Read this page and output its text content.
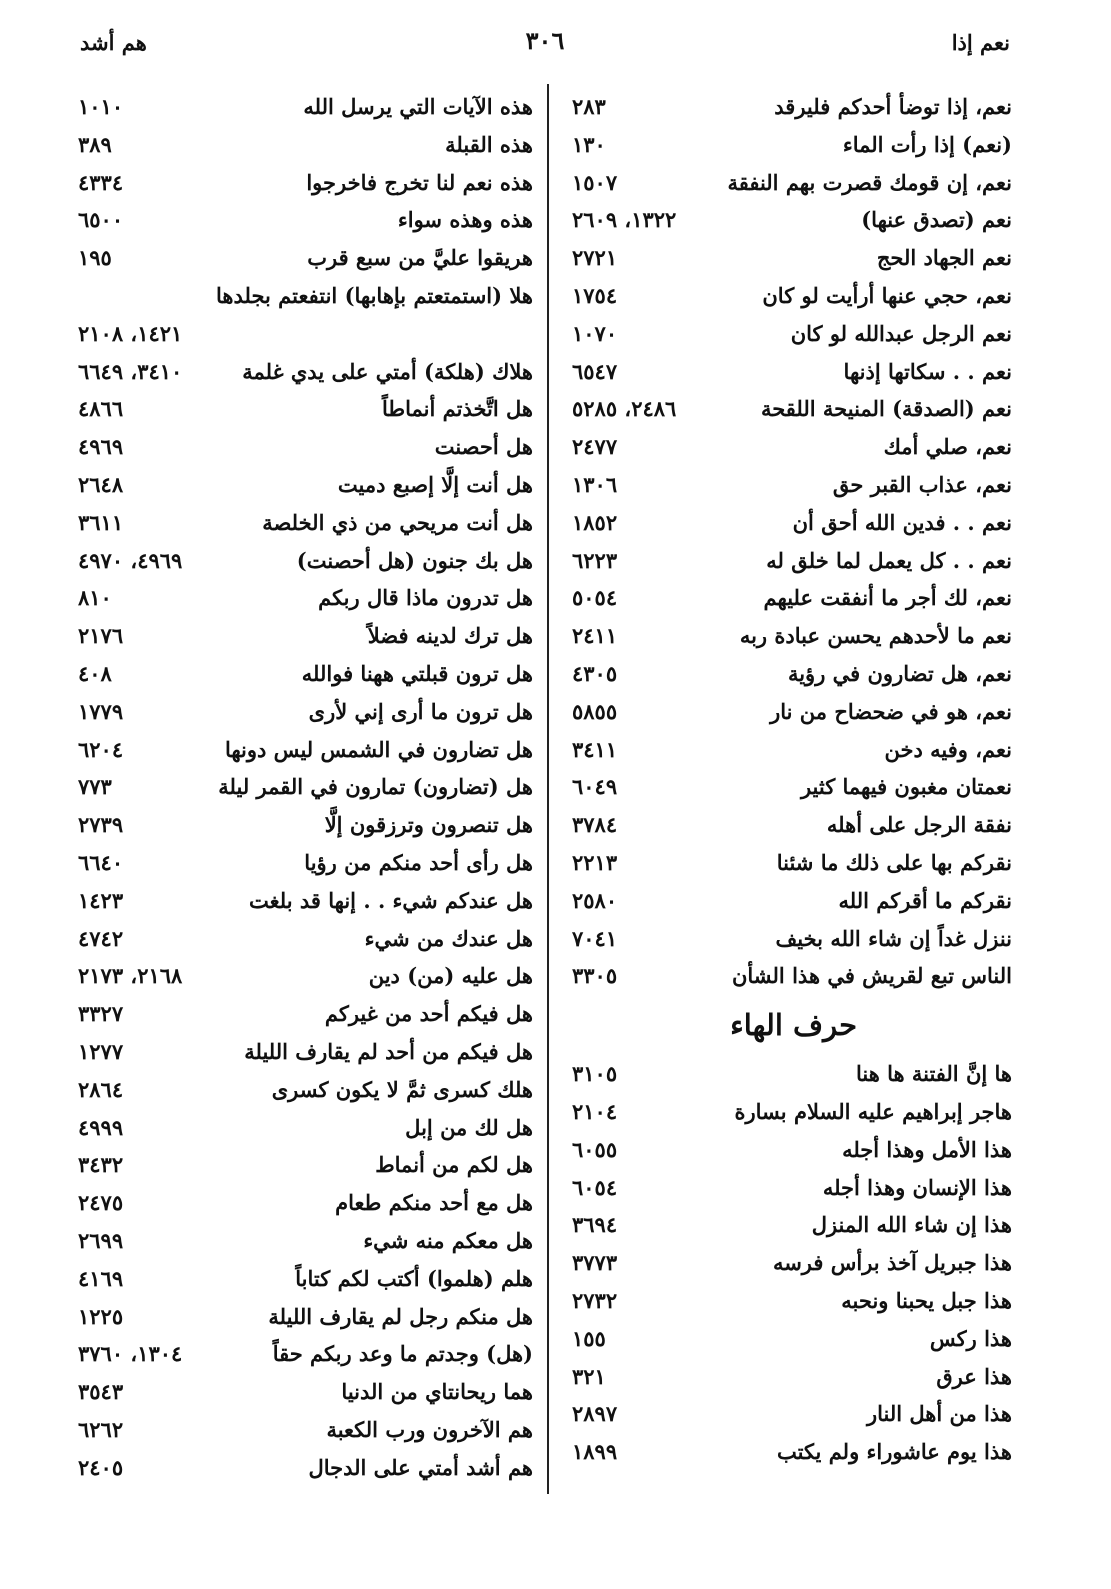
نعم إذا
٣٠٦
هم أشد
نعم، إذا توضأ أحدكم فليرقد
٢٨٣
(نعم) إذا رأت الماء
١٣٠
نعم، إن قومك قصرت بهم النفقة
١٥٠٧
نعم (تصدق عنها)
١٣٢٢، ٢٦٠٩
نعم الجهاد الحج
٢٧٢١
نعم، حجي عنها أرأيت لو كان
١٧٥٤
نعم الرجل عبدالله لو كان
١٠٧٠
نعم . . سكاتها إذنها
٦٥٤٧
نعم (الصدقة) المنيحة اللقحة
٢٤٨٦، ٥٢٨٥
نعم، صلي أمك
٢٤٧٧
نعم، عذاب القبر حق
١٣٠٦
نعم . . فدين الله أحق أن
١٨٥٢
نعم . . كل يعمل لما خلق له
٦٢٢٣
نعم، لك أجر ما أنفقت عليهم
٥٠٥٤
نعم ما لأحدهم يحسن عبادة ربه
٢٤١١
نعم، هل تضارون في رؤية
٤٣٠٥
نعم، هو في ضحضاح من نار
٥٨٥٥
نعم، وفيه دخن
٣٤١١
نعمتان مغبون فيهما كثير
٦٠٤٩
نفقة الرجل على أهله
٣٧٨٤
نقركم بها على ذلك ما شئنا
٢٢١٣
نقركم ما أقركم الله
٢٥٨٠
ننزل غداً إن شاء الله بخيف
٧٠٤١
الناس تبع لقريش في هذا الشأن
٣٣٠٥
حرف الهاء
ها إنَّ الفتنة ها هنا
٣١٠٥
هاجر إبراهيم عليه السلام بسارة
٢١٠٤
هذا الأمل وهذا أجله
٦٠٥٥
هذا الإنسان وهذا أجله
٦٠٥٤
هذا إن شاء الله المنزل
٣٦٩٤
هذا جبريل آخذ برأس فرسه
٣٧٧٣
هذا جبل يحبنا ونحبه
٢٧٣٢
هذا ركس
١٥٥
هذا عرق
٣٢١
هذا من أهل النار
٢٨٩٧
هذا يوم عاشوراء ولم يكتب
١٨٩٩
هذه الآيات التي يرسل الله
١٠١٠
هذه القبلة
٣٨٩
هذه نعم لنا تخرج فاخرجوا
٤٣٣٤
هذه وهذه سواء
٦٥٠٠
هريقوا عليَّ من سبع قرب
١٩٥
هلا (استمتعتم بإهابها) انتفعتم بجلدها
١٤٢١، ٢١٠٨
هلاك (هلكة) أمتي على يدي غلمة
٣٤١٠، ٦٦٤٩
هل اتَّخذتم أنماطاً
٤٨٦٦
هل أحصنت
٤٩٦٩
هل أنت إلَّا إصبع دميت
٢٦٤٨
هل أنت مريحي من ذي الخلصة
٣٦١١
هل بك جنون (هل أحصنت)
٤٩٦٩، ٤٩٧٠
هل تدرون ماذا قال ربكم
٨١٠
هل ترك لدينه فضلاً
٢١٧٦
هل ترون قبلتي ههنا فوالله
٤٠٨
هل ترون ما أرى إني لأرى
١٧٧٩
هل تضارون في الشمس ليس دونها
٦٢٠٤
هل (تضارون) تمارون في القمر ليلة
٧٧٣
هل تنصرون وترزقون إلَّا
٢٧٣٩
هل رأى أحد منكم من رؤيا
٦٦٤٠
هل عندكم شيء . . إنها قد بلغت
١٤٢٣
هل عندك من شيء
٤٧٤٢
هل عليه (من) دين
٢١٦٨، ٢١٧٣
هل فيكم أحد من غيركم
٣٣٢٧
هل فيكم من أحد لم يقارف الليلة
١٢٧٧
هلك كسرى ثمَّ لا يكون كسرى
٢٨٦٤
هل لك من إبل
٤٩٩٩
هل لكم من أنماط
٣٤٣٢
هل مع أحد منكم طعام
٢٤٧٥
هل معكم منه شيء
٢٦٩٩
هلم (هلموا) أكتب لكم كتاباً
٤١٦٩
هل منكم رجل لم يقارف الليلة
١٢٢٥
(هل) وجدتم ما وعد ربكم حقاً
١٣٠٤، ٣٧٦٠
هما ريحانتاي من الدنيا
٣٥٤٣
هم الآخرون ورب الكعبة
٦٢٦٢
هم أشد أمتي على الدجال
٢٤٠٥
